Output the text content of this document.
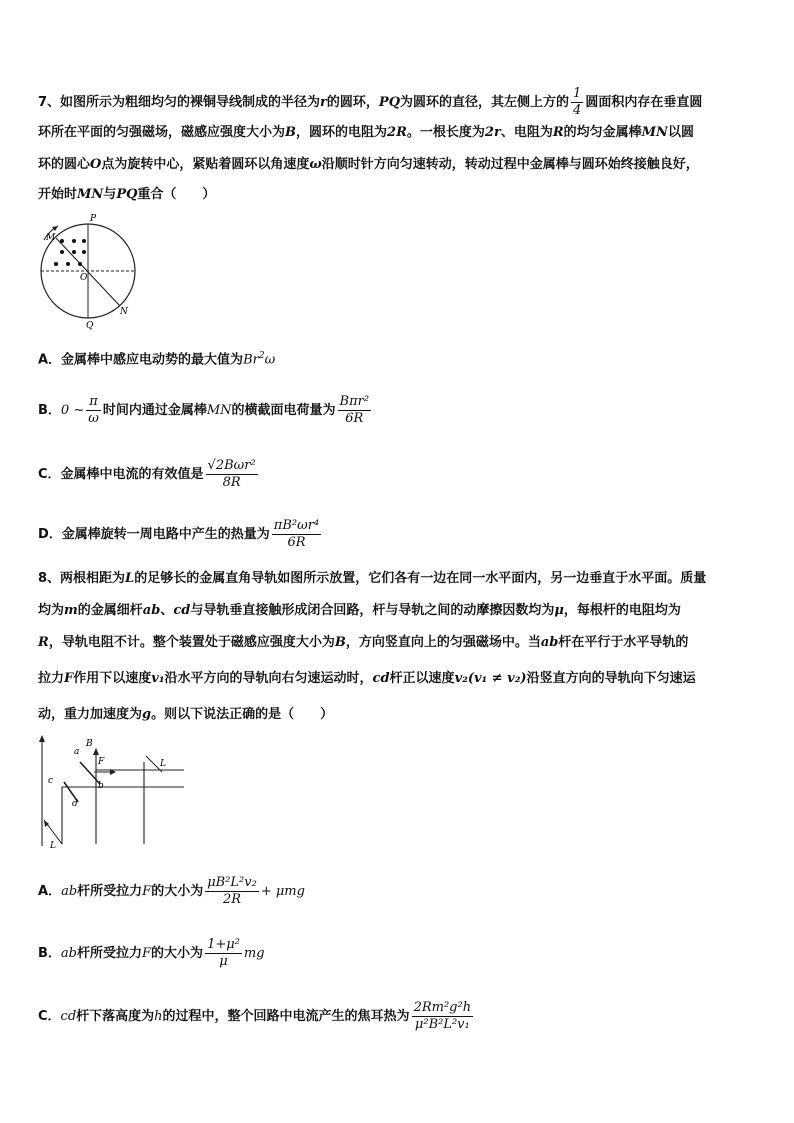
7、如图所示为粗细均匀的裸铜导线制成的半径为r的圆环，PQ为圆环的直径，其左侧上方的 $\frac{1}{4}$ 圆面积内存在垂直圆
环所在平面的匀强磁场，磁感应强度大小为B，圆环的电阻为2R。一根长度为2r、电阻为R的均匀金属棒MN以圆
环的圆心O点为旋转中心，紧贴着圆环以角速度ω沿顺时针方向匀速转动，转动过程中金属棒与圆环始终接触良好，
开始时MN与PQ重合（　　）
P
M
O
Q
N
A．金属棒中感应电动势的最大值为Br$^2$ω
B．0 ~ $\frac{\pi}{\omega}$ 时间内通过金属棒MN的横截面电荷量为 $\frac{\text{Bπr²}}{6R}$
C．金属棒中电流的有效值是 $\frac{\text{√2Bωr²}}{8R}$
D．金属棒旋转一周电路中产生的热量为 $\frac{\text{πB²ωr⁴}}{6R}$
8、两根相距为L的足够长的金属直角导轨如图所示放置，它们各有一边在同一水平面内，另一边垂直于水平面。质量
均为m的金属细杆ab、cd与导轨垂直接触形成闭合回路，杆与导轨之间的动摩擦因数均为μ，每根杆的电阻均为
R，导轨电阻不计。整个装置处于磁感应强度大小为B，方向竖直向上的匀强磁场中。当ab杆在平行于水平导轨的
拉力F作用下以速度v₁沿水平方向的导轨向右匀速运动时，cd杆正以速度v₂(v₁ ≠ v₂)沿竖直方向的导轨向下匀速运
动，重力加速度为g。则以下说法正确的是（　　）
a
B
F
b
L
c
d
L
A．ab杆所受拉力F的大小为 $\frac{\text{μB²L²v₂}}{2R} + \mu mg$
B．ab杆所受拉力F的大小为 $\frac{\text{1+μ²}}{\mu}$ mg
C．cd杆下落高度为h的过程中，整个回路中电流产生的焦耳热为 $\frac{\text{2Rm²g²h}}{\text{μ²B²L²v₁}}$
